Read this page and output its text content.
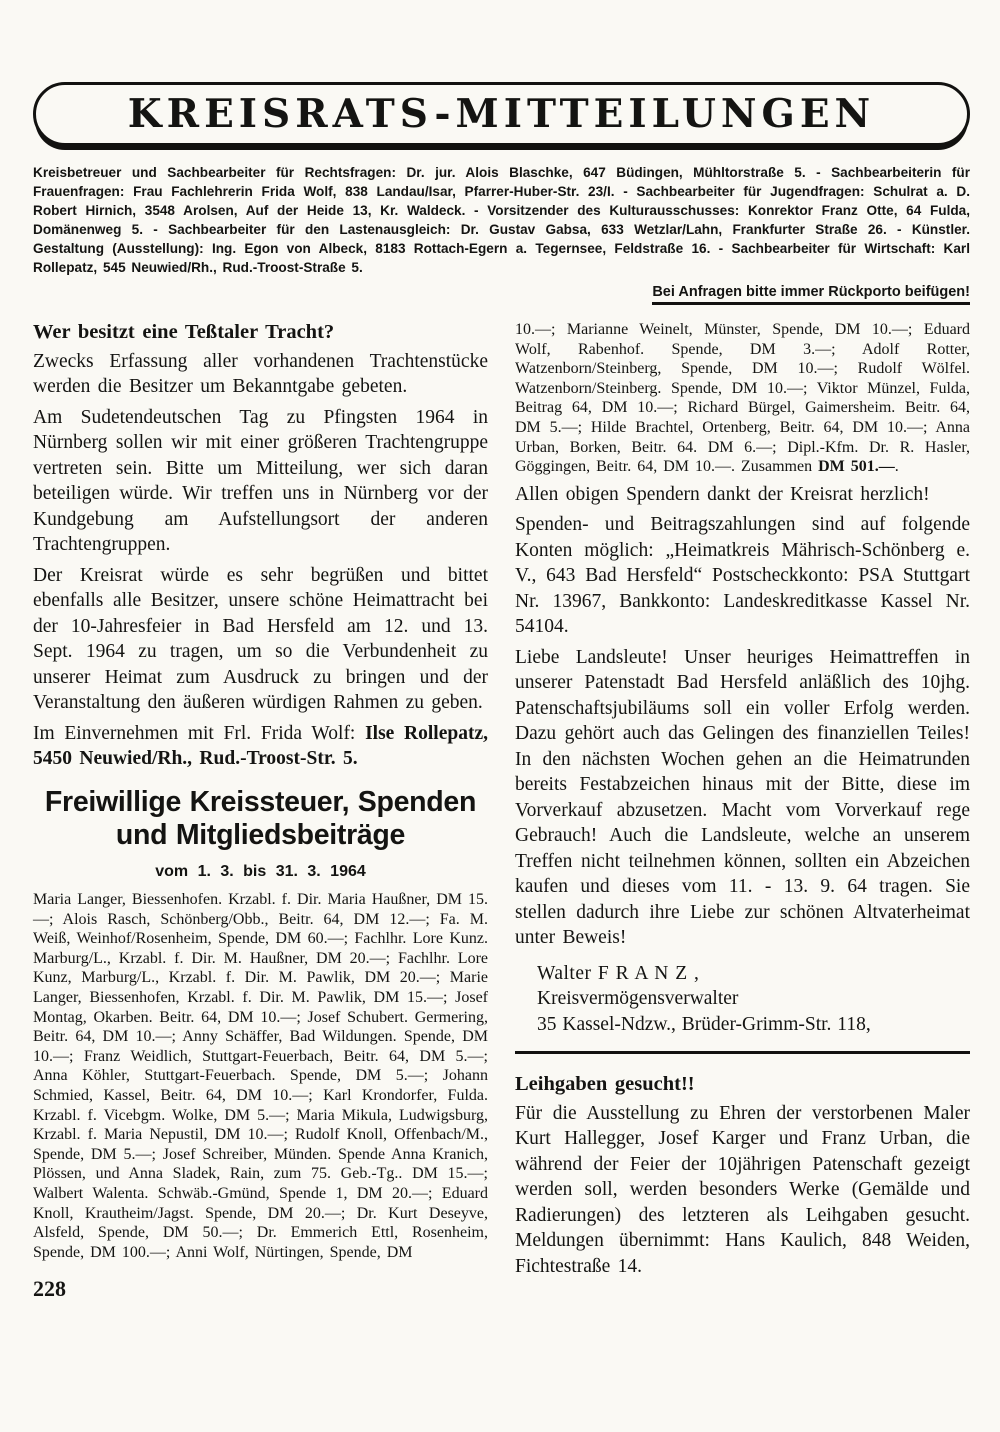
KREISRATS-MITTEILUNGEN

Kreisbetreuer und Sachbearbeiter für Rechtsfragen: Dr. jur. Alois Blaschke, 647 Büdingen, Mühltorstraße 5. - Sachbearbeiterin für Frauenfragen: Frau Fachlehrerin Frida Wolf, 838 Landau/Isar, Pfarrer-Huber-Str. 23/I. - Sachbearbeiter für Jugendfragen: Schulrat a. D. Robert Hirnich, 3548 Arolsen, Auf der Heide 13, Kr. Waldeck. - Vorsitzender des Kulturausschusses: Konrektor Franz Otte, 64 Fulda, Domänenweg 5. - Sachbearbeiter für den Lastenausgleich: Dr. Gustav Gabsa, 633 Wetzlar/Lahn, Frankfurter Straße 26. - Künstler. Gestaltung (Ausstellung): Ing. Egon von Albeck, 8183 Rottach-Egern a. Tegernsee, Feldstraße 16. - Sachbearbeiter für Wirtschaft: Karl Rollepatz, 545 Neuwied/Rh., Rud.-Troost-Straße 5.

Bei Anfragen bitte immer Rückporto beifügen!
Wer besitzt eine Teßtaler Tracht?

Zwecks Erfassung aller vorhandenen Trachtenstücke werden die Besitzer um Bekanntgabe gebeten.

Am Sudetendeutschen Tag zu Pfingsten 1964 in Nürnberg sollen wir mit einer größeren Trachtengruppe vertreten sein. Bitte um Mitteilung, wer sich daran beteiligen würde. Wir treffen uns in Nürnberg vor der Kundgebung am Aufstellungsort der anderen Trachtengruppen.

Der Kreisrat würde es sehr begrüßen und bittet ebenfalls alle Besitzer, unsere schöne Heimattracht bei der 10-Jahresfeier in Bad Hersfeld am 12. und 13. Sept. 1964 zu tragen, um so die Verbundenheit zu unserer Heimat zum Ausdruck zu bringen und der Veranstaltung den äußeren würdigen Rahmen zu geben.

Im Einvernehmen mit Frl. Frida Wolf: Ilse Rollepatz, 5450 Neuwied/Rh., Rud.-Troost-Str. 5.

Freiwillige Kreissteuer, Spenden
und Mitgliedsbeiträge
vom 1. 3. bis 31. 3. 1964

Maria Langer, Biessenhofen. Krzabl. f. Dir. Maria Haußner, DM 15.—; Alois Rasch, Schönberg/Obb., Beitr. 64, DM 12.—; Fa. M. Weiß, Weinhof/Rosenheim, Spende, DM 60.—; Fachlhr. Lore Kunz. Marburg/L., Krzabl. f. Dir. M. Haußner, DM 20.—; Fachlhr. Lore Kunz, Marburg/L., Krzabl. f. Dir. M. Pawlik, DM 20.—; Marie Langer, Biessenhofen, Krzabl. f. Dir. M. Pawlik, DM 15.—; Josef Montag, Okarben. Beitr. 64, DM 10.—; Josef Schubert. Germering, Beitr. 64, DM 10.—; Anny Schäffer, Bad Wildungen. Spende, DM 10.—; Franz Weidlich, Stuttgart-Feuerbach, Beitr. 64, DM 5.—; Anna Köhler, Stuttgart-Feuerbach. Spende, DM 5.—; Johann Schmied, Kassel, Beitr. 64, DM 10.—; Karl Krondorfer, Fulda. Krzabl. f. Vicebgm. Wolke, DM 5.—; Maria Mikula, Ludwigsburg, Krzabl. f. Maria Nepustil, DM 10.—; Rudolf Knoll, Offenbach/M., Spende, DM 5.—; Josef Schreiber, Münden. Spende Anna Kranich, Plössen, und Anna Sladek, Rain, zum 75. Geb.-Tg.. DM 15.—; Walbert Walenta. Schwäb.-Gmünd, Spende 1, DM 20.—; Eduard Knoll, Krautheim/Jagst. Spende, DM 20.—; Dr. Kurt Deseyve, Alsfeld, Spende, DM 50.—; Dr. Emmerich Ettl, Rosenheim, Spende, DM 100.—; Anni Wolf, Nürtingen, Spende, DM

228

10.—; Marianne Weinelt, Münster, Spende, DM 10.—; Eduard Wolf, Rabenhof. Spende, DM 3.—; Adolf Rotter, Watzenborn/Steinberg, Spende, DM 10.—; Rudolf Wölfel. Watzenborn/Steinberg. Spende, DM 10.—; Viktor Münzel, Fulda, Beitrag 64, DM 10.—; Richard Bürgel, Gaimersheim. Beitr. 64, DM 5.—; Hilde Brachtel, Ortenberg, Beitr. 64, DM 10.—; Anna Urban, Borken, Beitr. 64. DM 6.—; Dipl.-Kfm. Dr. R. Hasler, Göggingen, Beitr. 64, DM 10.—. Zusammen DM 501.—.

Allen obigen Spendern dankt der Kreisrat herzlich!

Spenden- und Beitragszahlungen sind auf folgende Konten möglich: „Heimatkreis Mährisch-Schönberg e. V., 643 Bad Hersfeld“ Postscheckkonto: PSA Stuttgart Nr. 13967, Bankkonto: Landeskreditkasse Kassel Nr. 54104.

Liebe Landsleute! Unser heuriges Heimattreffen in unserer Patenstadt Bad Hersfeld anläßlich des 10jhg. Patenschaftsjubiläums soll ein voller Erfolg werden. Dazu gehört auch das Gelingen des finanziellen Teiles! In den nächsten Wochen gehen an die Heimatrunden bereits Festabzeichen hinaus mit der Bitte, diese im Vorverkauf abzusetzen. Macht vom Vorverkauf rege Gebrauch! Auch die Landsleute, welche an unserem Treffen nicht teilnehmen können, sollten ein Abzeichen kaufen und dieses vom 11. - 13. 9. 64 tragen. Sie stellen dadurch ihre Liebe zur schönen Altvaterheimat unter Beweis!

Walter F R A N Z ,
Kreisvermögensverwalter
35 Kassel-Ndzw., Brüder-Grimm-Str. 118,
Leihgaben gesucht!!

Für die Ausstellung zu Ehren der verstorbenen Maler Kurt Hallegger, Josef Karger und Franz Urban, die während der Feier der 10jährigen Patenschaft gezeigt werden soll, werden besonders Werke (Gemälde und Radierungen) des letzteren als Leihgaben gesucht. Meldungen übernimmt: Hans Kaulich, 848 Weiden, Fichtestraße 14.
